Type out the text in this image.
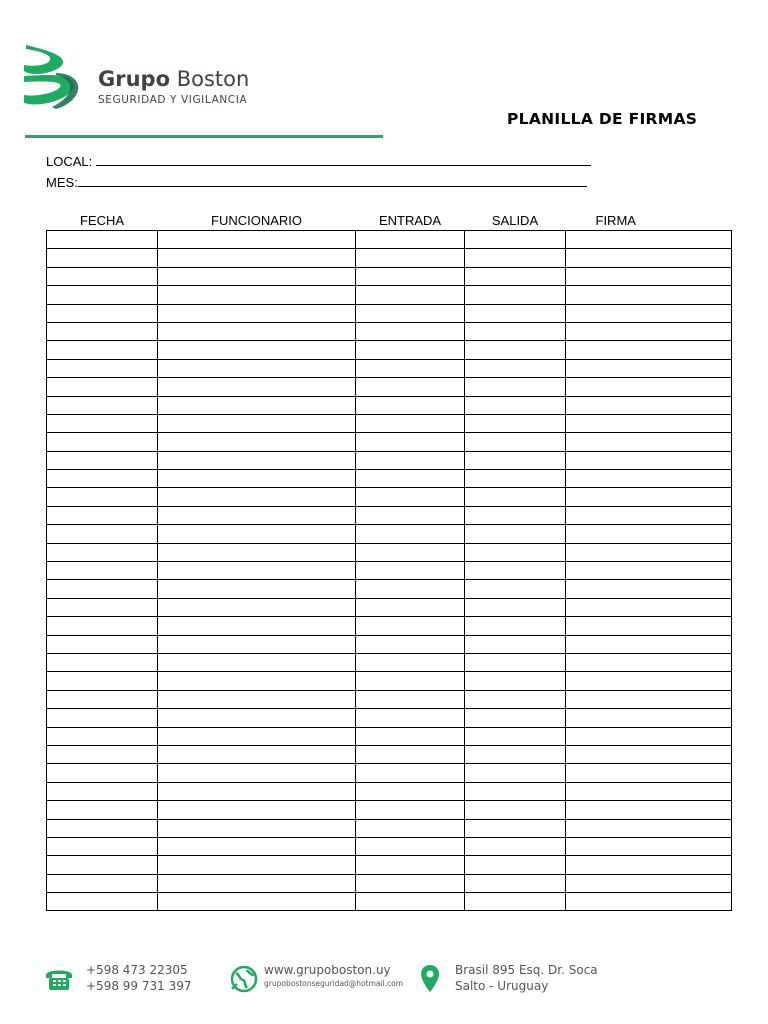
Grupo Boston
SEGURIDAD Y VIGILANCIA
PLANILLA DE FIRMAS
LOCAL:
MES:
FECHA	FUNCIONARIO	ENTRADA	SALIDA	FIRMA

+598 473 22305
+598 99 731 397
www.grupoboston.uy
grupobostonseguridad@hotmail.com
Brasil 895 Esq. Dr. Soca
Salto - Uruguay
